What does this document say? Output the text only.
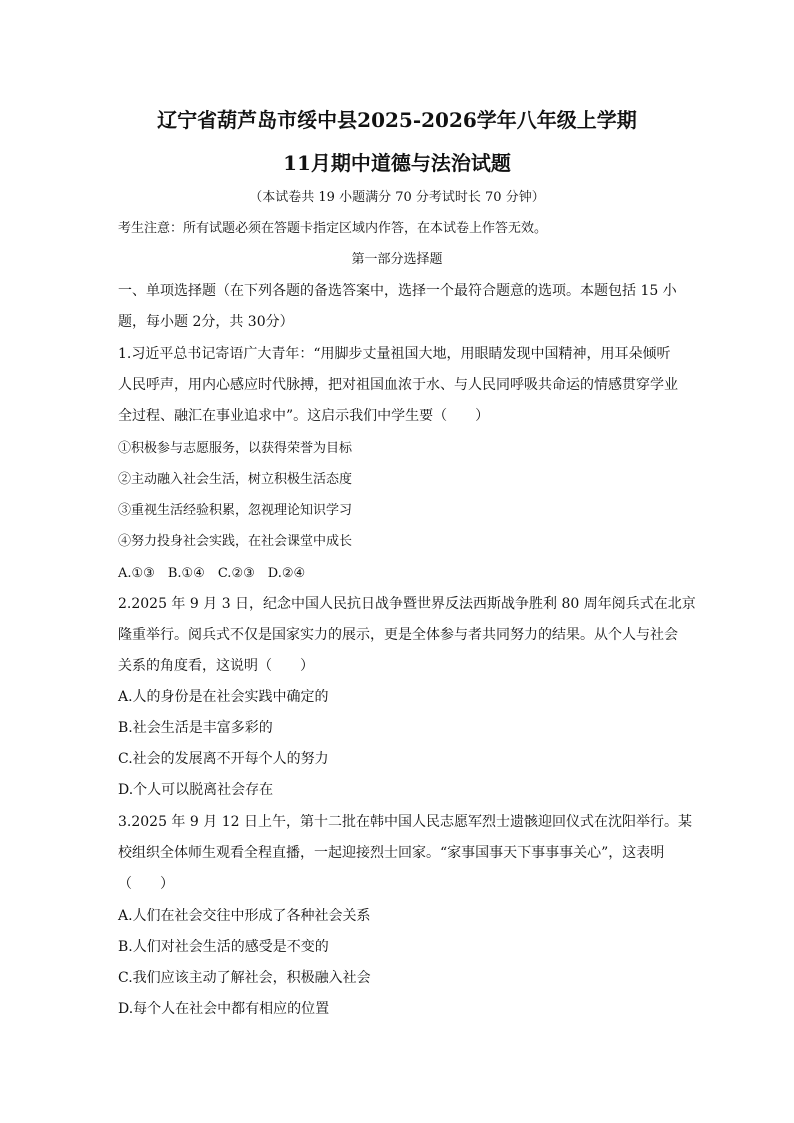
辽宁省葫芦岛市绥中县2025-2026学年八年级上学期
11月期中道德与法治试题
（本试卷共 19 小题满分 70 分考试时长 70 分钟）
考生注意：所有试题必须在答题卡指定区域内作答，在本试卷上作答无效。
第一部分选择题
一、单项选择题（在下列各题的备选答案中，选择一个最符合题意的选项。本题包括 15 小
题，每小题 2分，共 30分）
1.习近平总书记寄语广大青年：“用脚步丈量祖国大地，用眼睛发现中国精神，用耳朵倾听
人民呼声，用内心感应时代脉搏，把对祖国血浓于水、与人民同呼吸共命运的情感贯穿学业
全过程、融汇在事业追求中”。这启示我们中学生要（　　）
①积极参与志愿服务，以获得荣誉为目标
②主动融入社会生活，树立积极生活态度
③重视生活经验积累，忽视理论知识学习
④努力投身社会实践，在社会课堂中成长
A.①③　B.①④　C.②③　D.②④
2.2025 年 9 月 3 日，纪念中国人民抗日战争暨世界反法西斯战争胜利 80 周年阅兵式在北京
隆重举行。阅兵式不仅是国家实力的展示，更是全体参与者共同努力的结果。从个人与社会
关系的角度看，这说明（　　）
A.人的身份是在社会实践中确定的
B.社会生活是丰富多彩的
C.社会的发展离不开每个人的努力
D.个人可以脱离社会存在
3.2025 年 9 月 12 日上午，第十二批在韩中国人民志愿军烈士遗骸迎回仪式在沈阳举行。某
校组织全体师生观看全程直播，一起迎接烈士回家。“家事国事天下事事事关心”，这表明
（　　）
A.人们在社会交往中形成了各种社会关系
B.人们对社会生活的感受是不变的
C.我们应该主动了解社会，积极融入社会
D.每个人在社会中都有相应的位置
